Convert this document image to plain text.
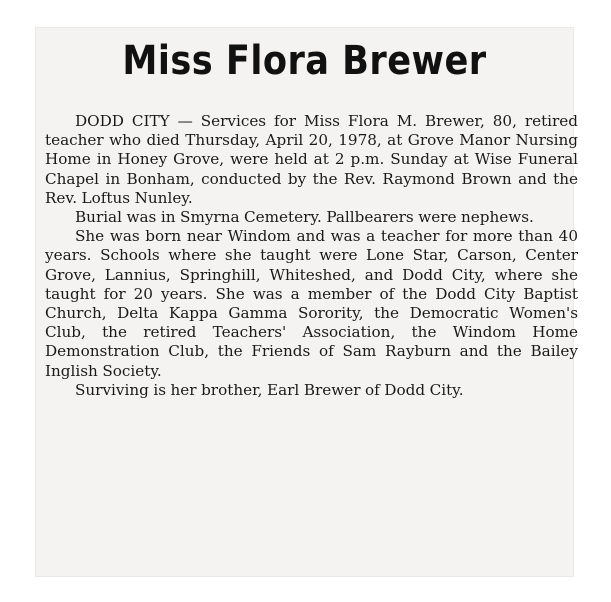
Miss Flora Brewer

DODD CITY — Services for Miss Flora M. Brewer, 80, retired teacher who died Thursday, April 20, 1978, at Grove Manor Nursing Home in Honey Grove, were held at 2 p.m. Sunday at Wise Funeral Chapel in Bonham, conducted by the Rev. Raymond Brown and the Rev. Loftus Nunley.

Burial was in Smyrna Cemetery. Pallbearers were nephews.

She was born near Windom and was a teacher for more than 40 years. Schools where she taught were Lone Star, Carson, Center Grove, Lannius, Springhill, Whiteshed, and Dodd City, where she taught for 20 years. She was a member of the Dodd City Baptist Church, Delta Kappa Gamma Sorority, the Democratic Women's Club, the retired Teachers' Association, the Windom Home Demonstration Club, the Friends of Sam Rayburn and the Bailey Inglish Society.

Surviving is her brother, Earl Brewer of Dodd City.
